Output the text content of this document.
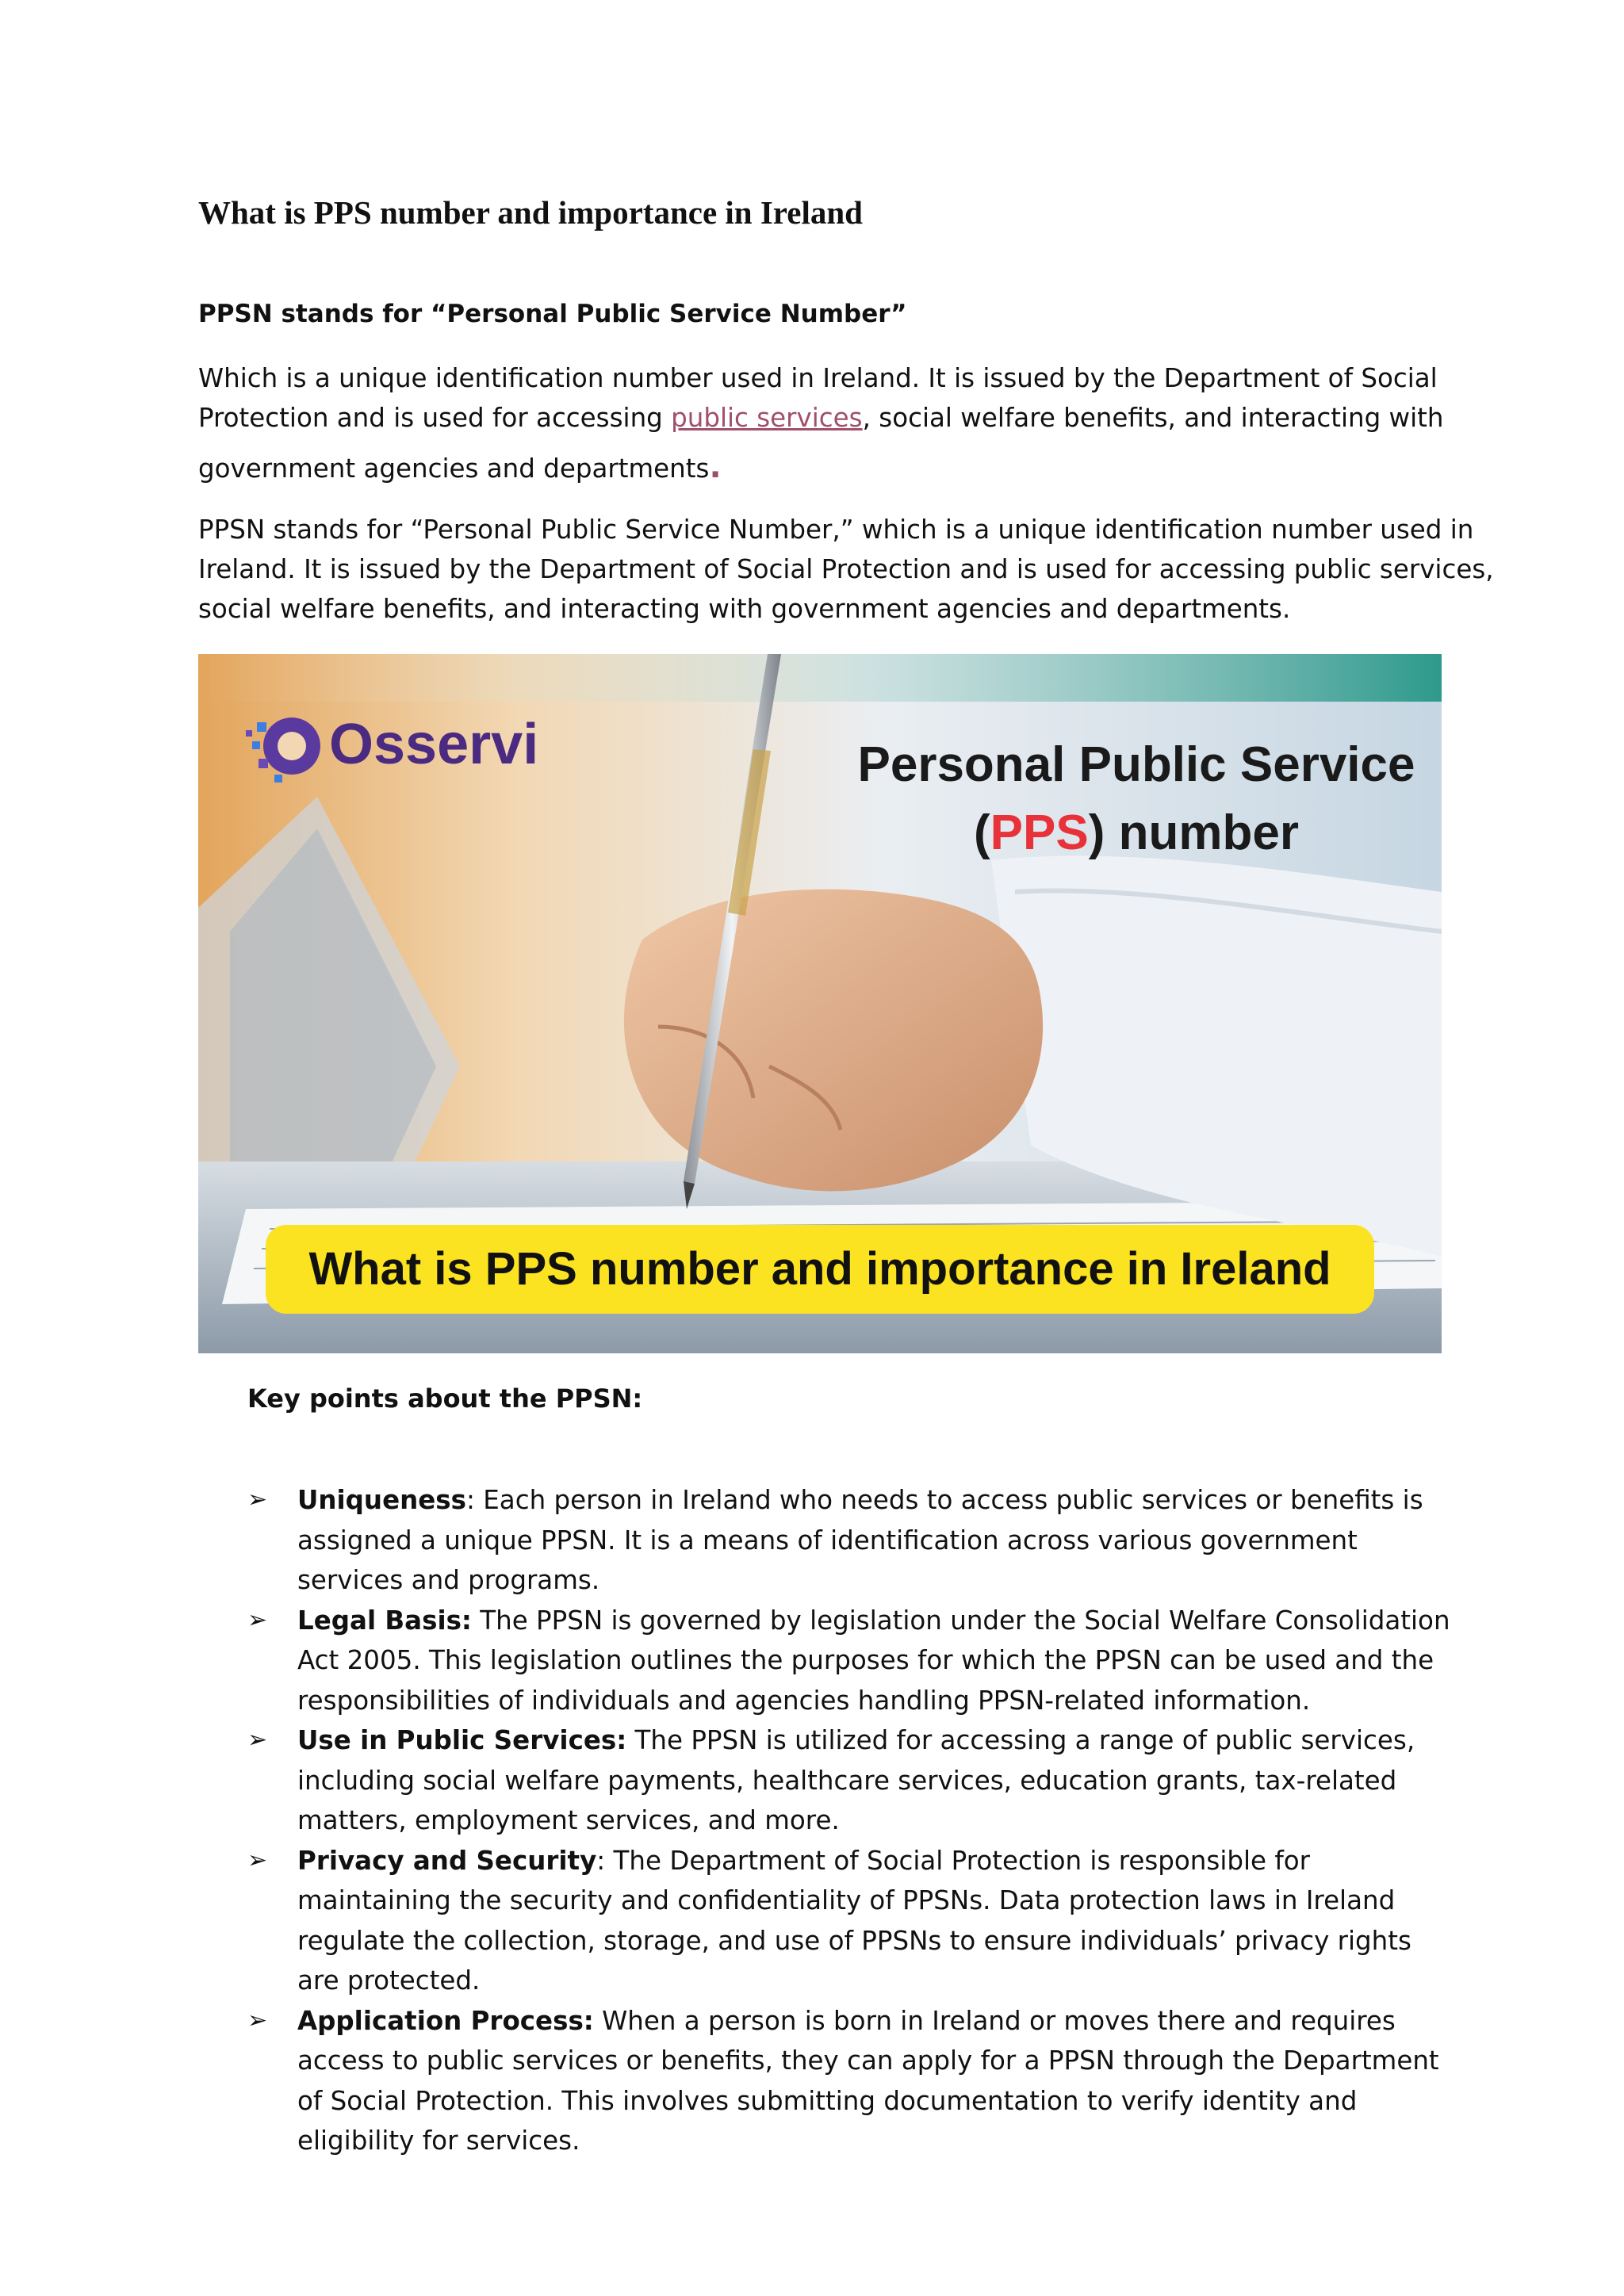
What is PPS number and importance in Ireland

PPSN stands for “Personal Public Service Number”

Which is a unique identification number used in Ireland. It is issued by the Department of Social
Protection and is used for accessing public services, social welfare benefits, and interacting with
government agencies and departments.

PPSN stands for “Personal Public Service Number,” which is a unique identification number used in
Ireland. It is issued by the Department of Social Protection and is used for accessing public services,
social welfare benefits, and interacting with government agencies and departments.

Osservi	Personal Public Service
(PPS) number
What is PPS number and importance in Ireland

Key points about the PPSN:

➢ Uniqueness: Each person in Ireland who needs to access public services or benefits is assigned a unique PPSN. It is a means of identification across various government services and programs.
➢ Legal Basis: The PPSN is governed by legislation under the Social Welfare Consolidation Act 2005. This legislation outlines the purposes for which the PPSN can be used and the responsibilities of individuals and agencies handling PPSN-related information.
➢ Use in Public Services: The PPSN is utilized for accessing a range of public services, including social welfare payments, healthcare services, education grants, tax-related matters, employment services, and more.
➢ Privacy and Security: The Department of Social Protection is responsible for maintaining the security and confidentiality of PPSNs. Data protection laws in Ireland regulate the collection, storage, and use of PPSNs to ensure individuals’ privacy rights are protected.
➢ Application Process: When a person is born in Ireland or moves there and requires access to public services or benefits, they can apply for a PPSN through the Department of Social Protection. This involves submitting documentation to verify identity and eligibility for services.
